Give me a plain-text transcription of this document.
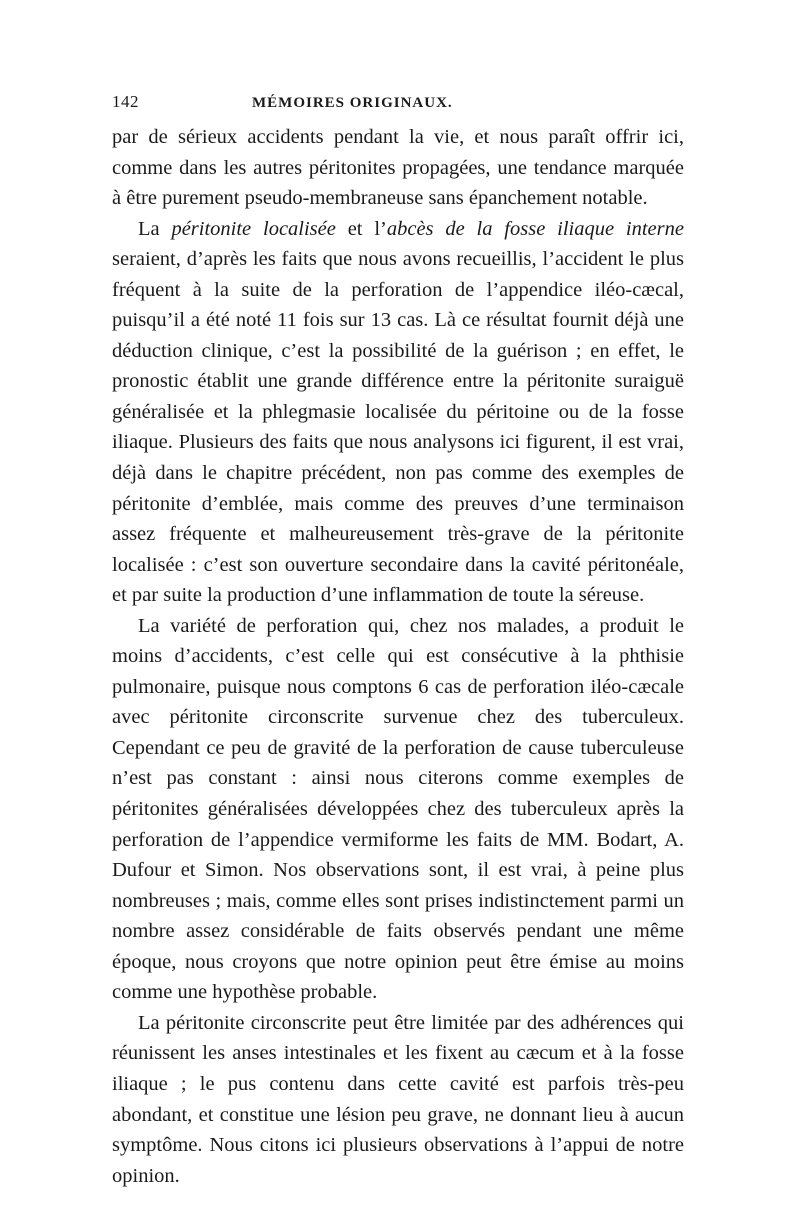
142	MÉMOIRES ORIGINAUX.

par de sérieux accidents pendant la vie, et nous paraît offrir ici, comme dans les autres péritonites propagées, une tendance marquée à être purement pseudo-membraneuse sans épanchement notable.

La péritonite localisée et l’abcès de la fosse iliaque interne seraient, d’après les faits que nous avons recueillis, l’accident le plus fréquent à la suite de la perforation de l’appendice iléo-cæcal, puisqu’il a été noté 11 fois sur 13 cas. Là ce résultat fournit déjà une déduction clinique, c’est la possibilité de la guérison ; en effet, le pronostic établit une grande différence entre la péritonite suraiguë généralisée et la phlegmasie localisée du péritoine ou de la fosse iliaque. Plusieurs des faits que nous analysons ici figurent, il est vrai, déjà dans le chapitre précédent, non pas comme des exemples de péritonite d’emblée, mais comme des preuves d’une terminaison assez fréquente et malheureusement très-grave de la péritonite localisée : c’est son ouverture secondaire dans la cavité péritonéale, et par suite la production d’une inflammation de toute la séreuse.

La variété de perforation qui, chez nos malades, a produit le moins d’accidents, c’est celle qui est consécutive à la phthisie pulmonaire, puisque nous comptons 6 cas de perforation iléo-cæcale avec péritonite circonscrite survenue chez des tuberculeux. Cependant ce peu de gravité de la perforation de cause tuberculeuse n’est pas constant : ainsi nous citerons comme exemples de péritonites généralisées développées chez des tuberculeux après la perforation de l’appendice vermiforme les faits de MM. Bodart, A. Dufour et Simon. Nos observations sont, il est vrai, à peine plus nombreuses ; mais, comme elles sont prises indistinctement parmi un nombre assez considérable de faits observés pendant une même époque, nous croyons que notre opinion peut être émise au moins comme une hypothèse probable.

La péritonite circonscrite peut être limitée par des adhérences qui réunissent les anses intestinales et les fixent au cæcum et à la fosse iliaque ; le pus contenu dans cette cavité est parfois très-peu abondant, et constitue une lésion peu grave, ne donnant lieu à aucun symptôme. Nous citons ici plusieurs observations à l’appui de notre opinion.
